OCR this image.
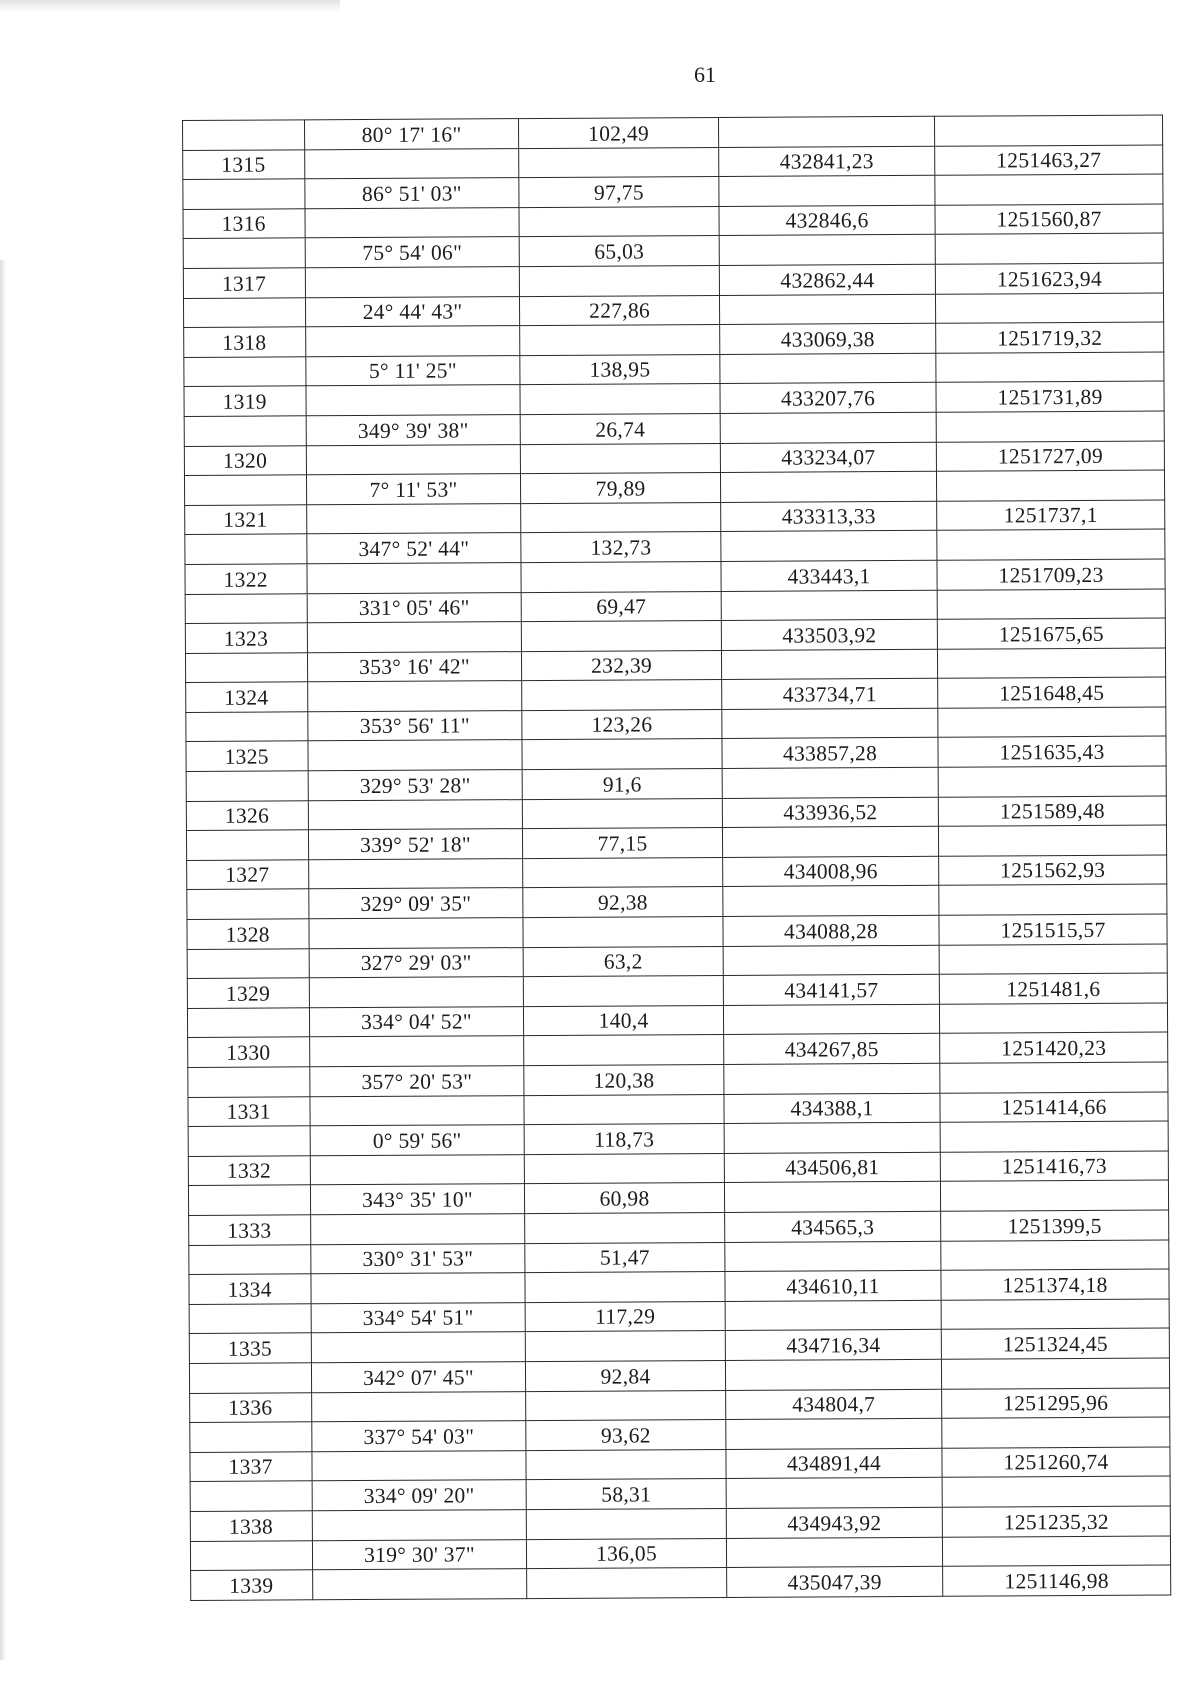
61
	80° 17' 16"	102,49		
1315			432841,23	1251463,27
	86° 51' 03"	97,75		
1316			432846,6	1251560,87
	75° 54' 06"	65,03		
1317			432862,44	1251623,94
	24° 44' 43"	227,86		
1318			433069,38	1251719,32
	5° 11' 25"	138,95		
1319			433207,76	1251731,89
	349° 39' 38"	26,74		
1320			433234,07	1251727,09
	7° 11' 53"	79,89		
1321			433313,33	1251737,1
	347° 52' 44"	132,73		
1322			433443,1	1251709,23
	331° 05' 46"	69,47		
1323			433503,92	1251675,65
	353° 16' 42"	232,39		
1324			433734,71	1251648,45
	353° 56' 11"	123,26		
1325			433857,28	1251635,43
	329° 53' 28"	91,6		
1326			433936,52	1251589,48
	339° 52' 18"	77,15		
1327			434008,96	1251562,93
	329° 09' 35"	92,38		
1328			434088,28	1251515,57
	327° 29' 03"	63,2		
1329			434141,57	1251481,6
	334° 04' 52"	140,4		
1330			434267,85	1251420,23
	357° 20' 53"	120,38		
1331			434388,1	1251414,66
	0° 59' 56"	118,73		
1332			434506,81	1251416,73
	343° 35' 10"	60,98		
1333			434565,3	1251399,5
	330° 31' 53"	51,47		
1334			434610,11	1251374,18
	334° 54' 51"	117,29		
1335			434716,34	1251324,45
	342° 07' 45"	92,84		
1336			434804,7	1251295,96
	337° 54' 03"	93,62		
1337			434891,44	1251260,74
	334° 09' 20"	58,31		
1338			434943,92	1251235,32
	319° 30' 37"	136,05		
1339			435047,39	1251146,98
